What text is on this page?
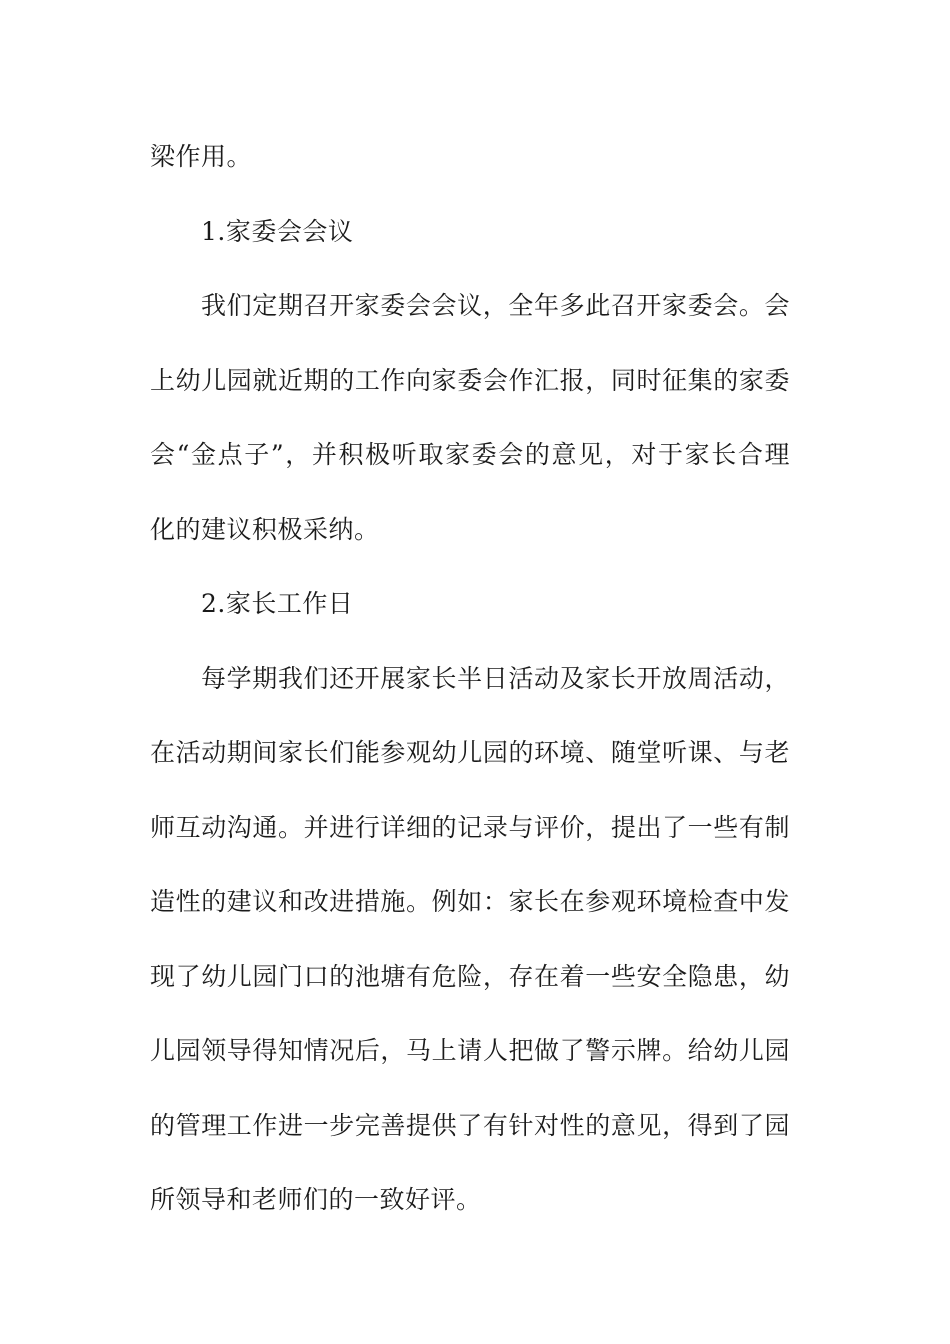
梁作用。
1.家委会会议
我们定期召开家委会会议，全年多此召开家委会。会
上幼儿园就近期的工作向家委会作汇报，同时征集的家委
会“金点子”，并积极听取家委会的意见，对于家长合理
化的建议积极采纳。
2.家长工作日
每学期我们还开展家长半日活动及家长开放周活动，
在活动期间家长们能参观幼儿园的环境、随堂听课、与老
师互动沟通。并进行详细的记录与评价，提出了一些有制
造性的建议和改进措施。例如：家长在参观环境检查中发
现了幼儿园门口的池塘有危险，存在着一些安全隐患，幼
儿园领导得知情况后，马上请人把做了警示牌。给幼儿园
的管理工作进一步完善提供了有针对性的意见，得到了园
所领导和老师们的一致好评。
